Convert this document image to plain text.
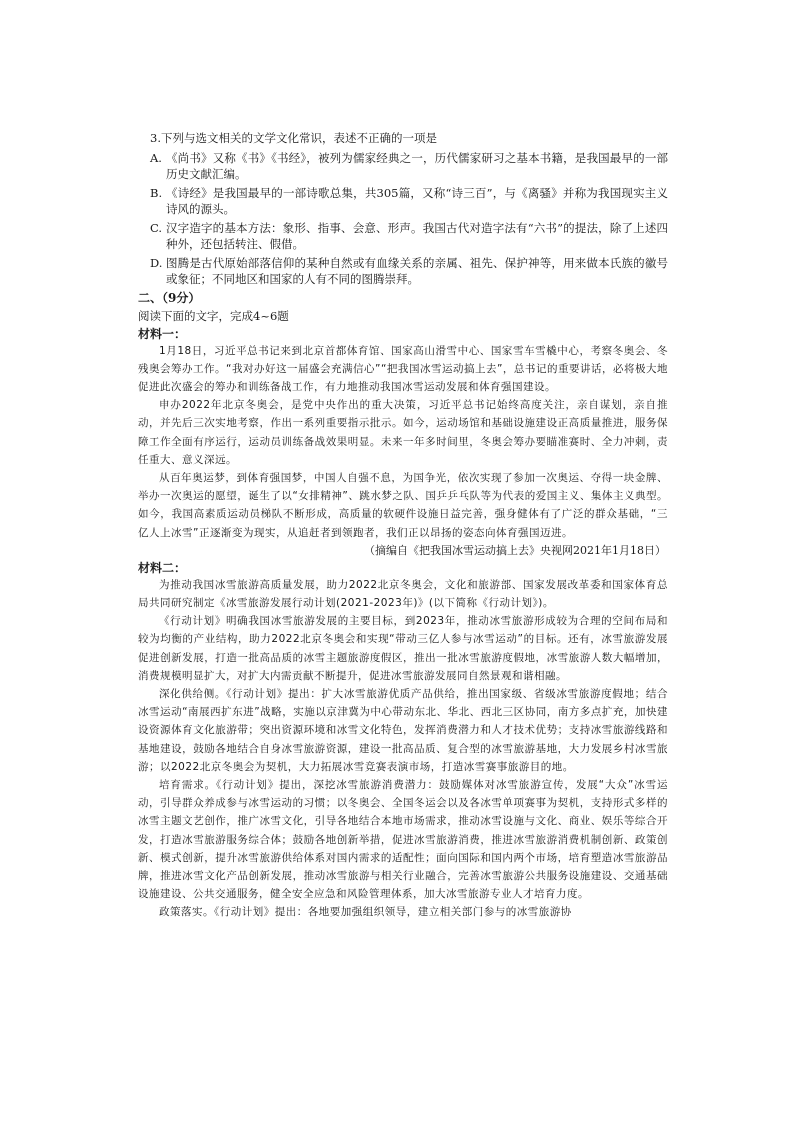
3.下列与选文相关的文学文化常识，表述不正确的一项是

A. 《尚书》又称《书》《书经》，被列为儒家经典之一，历代儒家研习之基本书籍，是我国最早的一部历史文献汇编。
B. 《诗经》是我国最早的一部诗歌总集，共305篇，又称“诗三百”，与《离骚》并称为我国现实主义诗风的源头。
C. 汉字造字的基本方法：象形、指事、会意、形声。我国古代对造字法有“六书”的提法，除了上述四种外，还包括转注、假借。
D. 图腾是古代原始部落信仰的某种自然或有血缘关系的亲属、祖先、保护神等，用来做本氏族的徽号或象征；不同地区和国家的人有不同的图腾崇拜。

二、（9分）

阅读下面的文字，完成4~6题

材料一：

1月18日，习近平总书记来到北京首都体育馆、国家高山滑雪中心、国家雪车雪橇中心，考察冬奥会、冬残奥会筹办工作。“我对办好这一届盛会充满信心”“把我国冰雪运动搞上去”，总书记的重要讲话，必将极大地促进此次盛会的筹办和训练备战工作，有力地推动我国冰雪运动发展和体育强国建设。

申办2022年北京冬奥会，是党中央作出的重大决策，习近平总书记始终高度关注，亲自谋划，亲自推动，并先后三次实地考察，作出一系列重要指示批示。如今，运动场馆和基础设施建设正高质量推进，服务保障工作全面有序运行，运动员训练备战效果明显。未来一年多时间里，冬奥会筹办要瞄准赛时、全力冲刺，责任重大、意义深远。

从百年奥运梦，到体育强国梦，中国人自强不息，为国争光，依次实现了参加一次奥运、夺得一块金牌、举办一次奥运的愿望，诞生了以“女排精神”、跳水梦之队、国乒乒乓队等为代表的爱国主义、集体主义典型。如今，我国高素质运动员梯队不断形成，高质量的软硬件设施日益完善，强身健体有了广泛的群众基础，“三亿人上冰雪”正逐渐变为现实，从追赶者到领跑者，我们正以昂扬的姿态向体育强国迈进。

（摘编自《把我国冰雪运动搞上去》央视网2021年1月18日）

材料二：

为推动我国冰雪旅游高质量发展，助力2022北京冬奥会，文化和旅游部、国家发展改革委和国家体育总局共同研究制定《冰雪旅游发展行动计划(2021-2023年)》(以下简称《行动计划》)。

《行动计划》明确我国冰雪旅游发展的主要目标，到2023年，推动冰雪旅游形成较为合理的空间布局和较为均衡的产业结构，助力2022北京冬奥会和实现“带动三亿人参与冰雪运动”的目标。还有，冰雪旅游发展促进创新发展，打造一批高品质的冰雪主题旅游度假区，推出一批冰雪旅游度假地，冰雪旅游人数大幅增加，消费规模明显扩大，对扩大内需贡献不断提升，促进冰雪旅游发展同自然景观和谐相融。

深化供给侧。《行动计划》提出：扩大冰雪旅游优质产品供给，推出国家级、省级冰雪旅游度假地；结合冰雪运动“南展西扩东进”战略，实施以京津冀为中心带动东北、华北、西北三区协同，南方多点扩充，加快建设资源体育文化旅游带；突出资源环境和冰雪文化特色，发挥消费潜力和人才技术优势；支持冰雪旅游线路和基地建设，鼓励各地结合自身冰雪旅游资源，建设一批高品质、复合型的冰雪旅游基地，大力发展乡村冰雪旅游；以2022北京冬奥会为契机，大力拓展冰雪竞赛表演市场，打造冰雪赛事旅游目的地。

培育需求。《行动计划》提出，深挖冰雪旅游消费潜力：鼓励媒体对冰雪旅游宣传，发展“大众”冰雪运动，引导群众养成参与冰雪运动的习惯；以冬奥会、全国冬运会以及各冰雪单项赛事为契机，支持形式多样的冰雪主题文艺创作，推广冰雪文化，引导各地结合本地市场需求，推动冰雪设施与文化、商业、娱乐等综合开发，打造冰雪旅游服务综合体；鼓励各地创新举措，促进冰雪旅游消费，推进冰雪旅游消费机制创新、政策创新、模式创新，提升冰雪旅游供给体系对国内需求的适配性；面向国际和国内两个市场，培育塑造冰雪旅游品牌，推进冰雪文化产品创新发展，推动冰雪旅游与相关行业融合，完善冰雪旅游公共服务设施建设、交通基础设施建设、公共交通服务，健全安全应急和风险管理体系，加大冰雪旅游专业人才培育力度。

政策落实。《行动计划》提出：各地要加强组织领导，建立相关部门参与的冰雪旅游协
